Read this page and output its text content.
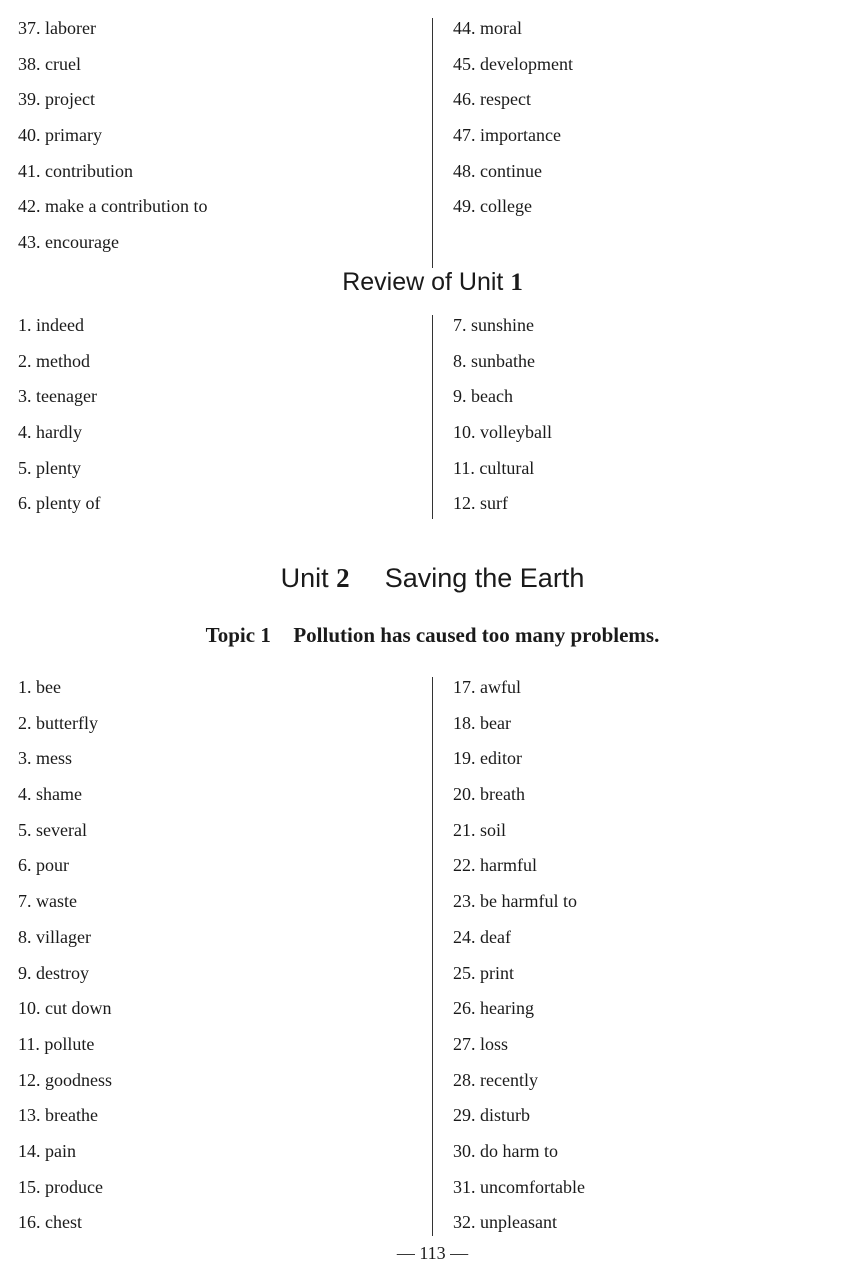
37. laborer
38. cruel
39. project
40. primary
41. contribution
42. make a contribution to
43. encourage
44. moral
45. development
46. respect
47. importance
48. continue
49. college
Review of Unit 1
1. indeed
2. method
3. teenager
4. hardly
5. plenty
6. plenty of
7. sunshine
8. sunbathe
9. beach
10. volleyball
11. cultural
12. surf
Unit 2 Saving the Earth
Topic 1 Pollution has caused too many problems.
1. bee
2. butterfly
3. mess
4. shame
5. several
6. pour
7. waste
8. villager
9. destroy
10. cut down
11. pollute
12. goodness
13. breathe
14. pain
15. produce
16. chest
17. awful
18. bear
19. editor
20. breath
21. soil
22. harmful
23. be harmful to
24. deaf
25. print
26. hearing
27. loss
28. recently
29. disturb
30. do harm to
31. uncomfortable
32. unpleasant
— 113 —
